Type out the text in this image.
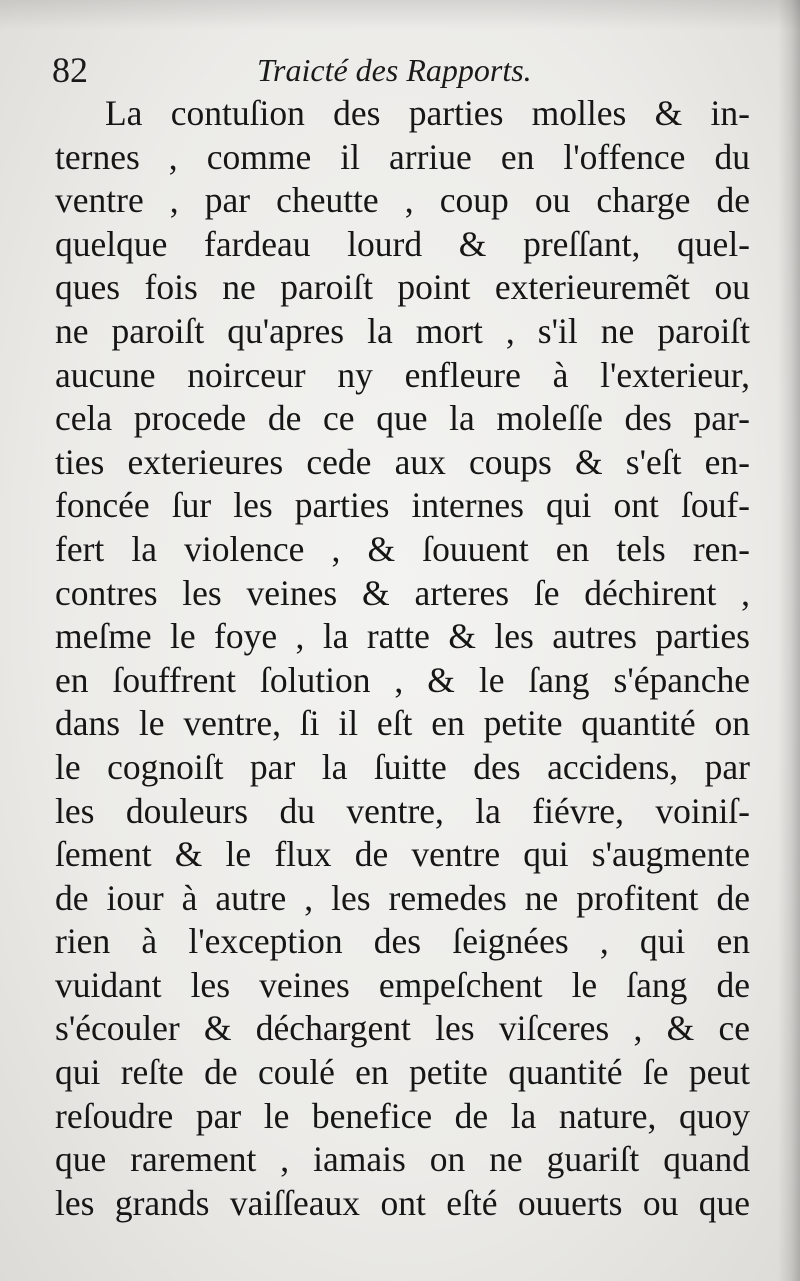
82	Traicté des Rapports.
La contuſion des parties molles & in-
ternes , comme il arriue en l'offence du
ventre , par cheutte , coup ou charge de
quelque fardeau lourd & preſſant, quel-
ques fois ne paroiſt point exterieuremẽt ou
ne paroiſt qu'apres la mort , s'il ne paroiſt
aucune noirceur ny enfleure à l'exterieur,
cela procede de ce que la moleſſe des par-
ties exterieures cede aux coups & s'eſt en-
foncée ſur les parties internes qui ont ſouf-
fert la violence , & ſouuent en tels ren-
contres les veines & arteres ſe déchirent ,
meſme le foye , la ratte & les autres parties
en ſouffrent ſolution , & le ſang s'épanche
dans le ventre, ſi il eſt en petite quantité on
le cognoiſt par la ſuitte des accidens, par
les douleurs du ventre, la fiévre, voiniſ-
ſement & le flux de ventre qui s'augmente
de iour à autre , les remedes ne profitent de
rien à l'exception des ſeignées , qui en
vuidant les veines empeſchent le ſang de
s'écouler & déchargent les viſceres , & ce
qui reſte de coulé en petite quantité ſe peut
reſoudre par le benefice de la nature, quoy
que rarement , iamais on ne guariſt quand
les grands vaiſſeaux ont eſté ouuerts ou que
